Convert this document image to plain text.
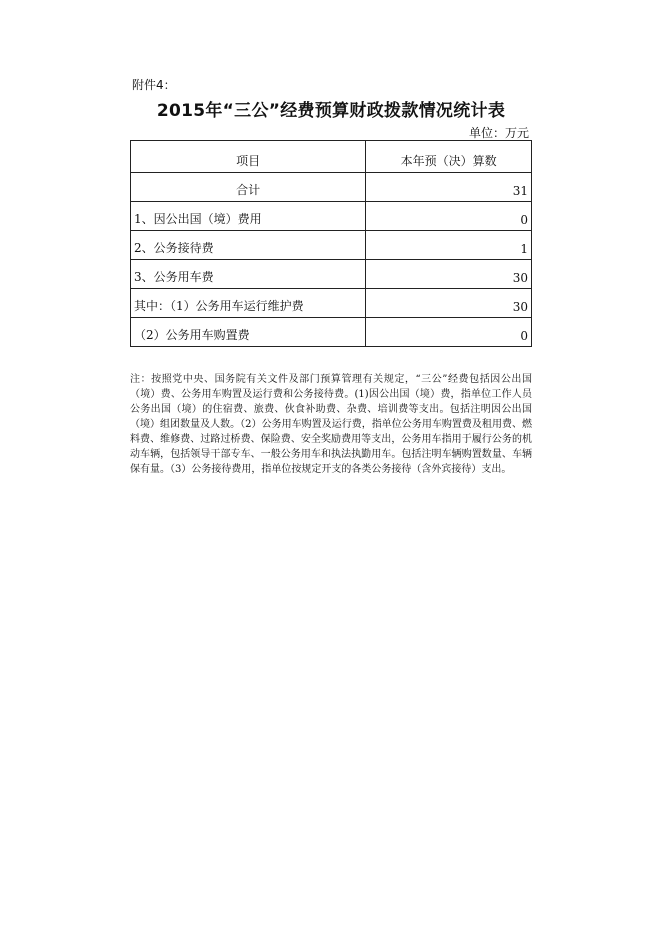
附件4：
2015年“三公”经费预算财政拨款情况统计表
单位：万元
项目	本年预（决）算数
合计	31
1、因公出国（境）费用	0
2、公务接待费	1
3、公务用车费	30
其中：（1）公务用车运行维护费	30
（2）公务用车购置费	0
注：按照党中央、国务院有关文件及部门预算管理有关规定，“三公”经费包括因公出国（境）费、公务用车购置及运行费和公务接待费。(1)因公出国（境）费，指单位工作人员公务出国（境）的住宿费、旅费、伙食补助费、杂费、培训费等支出。包括注明因公出国（境）组团数量及人数。（2）公务用车购置及运行费，指单位公务用车购置费及租用费、燃料费、维修费、过路过桥费、保险费、安全奖励费用等支出，公务用车指用于履行公务的机动车辆，包括领导干部专车、一般公务用车和执法执勤用车。包括注明车辆购置数量、车辆保有量。（3）公务接待费用，指单位按规定开支的各类公务接待（含外宾接待）支出。
